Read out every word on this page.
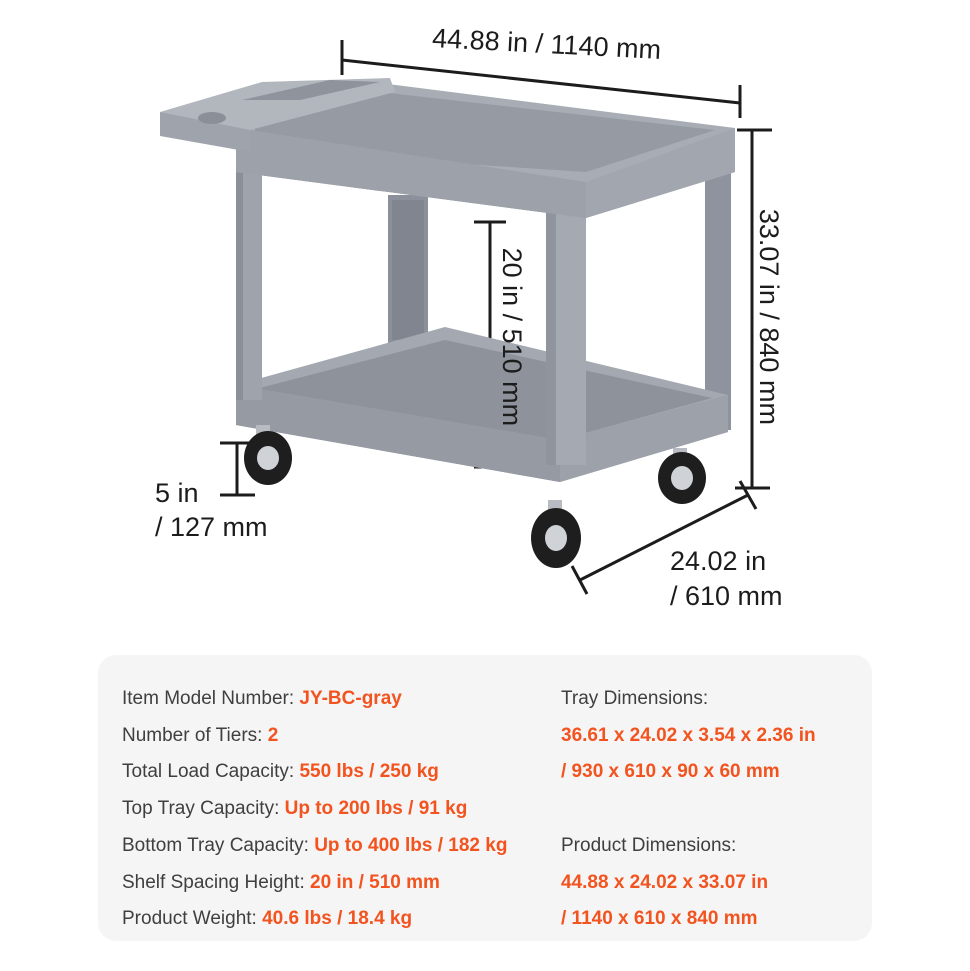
44.88 in / 1140 mm
33.07 in / 840 mm
20 in / 510 mm
5 in
/ 127 mm
24.02 in
/ 610 mm
Item Model Number: JY-BC-gray
Number of Tiers: 2
Total Load Capacity: 550 lbs / 250 kg
Top Tray Capacity: Up to 200 lbs / 91 kg
Bottom Tray Capacity: Up to 400 lbs / 182 kg
Shelf Spacing Height: 20 in / 510 mm
Product Weight: 40.6 lbs / 18.4 kg
Tray Dimensions:
36.61 x 24.02 x 3.54 x 2.36 in
/ 930 x 610 x 90 x 60 mm
Product Dimensions:
44.88 x 24.02 x 33.07 in
/ 1140 x 610 x 840 mm
